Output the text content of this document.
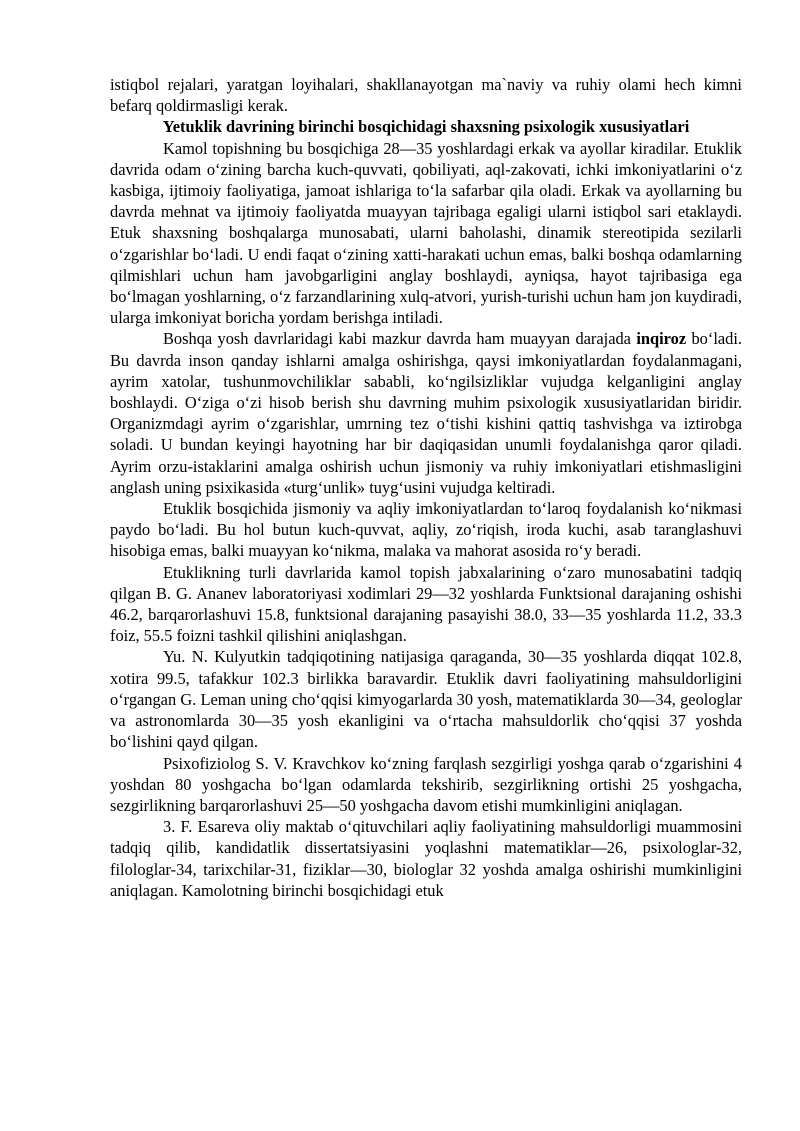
istiqbol rejalari, yaratgan loyihalari, shakllanayotgan ma`naviy va ruhiy olami hech kimni befarq qoldirmasligi kerak.

Yetuklik davrining birinchi bosqichidagi shaxsning psixologik xususiyatlari

Kamol topishning bu bosqichiga 28—35 yoshlardagi erkak va ayollar kiradilar. Etuklik davrida odam o‘zining barcha kuch-quvvati, qobiliyati, aql-zakovati, ichki imkoniyatlarini o‘z kasbiga, ijtimoiy faoliyatiga, jamoat ishlariga to‘la safarbar qila oladi. Erkak va ayollarning bu davrda mehnat va ijtimoiy faoliyatda muayyan tajribaga egaligi ularni istiqbol sari etaklaydi. Etuk shaxsning boshqalarga munosabati, ularni baholashi, dinamik stereotipida sezilarli o‘zgarishlar bo‘ladi. U endi faqat o‘zining xatti-harakati uchun emas, balki boshqa odamlarning qilmishlari uchun ham javobgarligini anglay boshlaydi, ayniqsa, hayot tajribasiga ega bo‘lmagan yoshlarning, o‘z farzandlarining xulq-atvori, yurish-turishi uchun ham jon kuydiradi, ularga imkoniyat boricha yordam berishga intiladi.

Boshqa yosh davrlaridagi kabi mazkur davrda ham muayyan darajada inqiroz bo‘ladi. Bu davrda inson qanday ishlarni amalga oshirishga, qaysi imkoniyatlardan foydalanmagani, ayrim xatolar, tushunmovchiliklar sababli, ko‘ngilsizliklar vujudga kelganligini anglay boshlaydi. O‘ziga o‘zi hisob berish shu davrning muhim psixologik xususiyatlaridan biridir. Organizmdagi ayrim o‘zgarishlar, umrning tez o‘tishi kishini qattiq tashvishga va iztirobga soladi. U bundan keyingi hayotning har bir daqiqasidan unumli foydalanishga qaror qiladi. Ayrim orzu-istaklarini amalga oshirish uchun jismoniy va ruhiy imkoniyatlari etishmasligini anglash uning psixikasida «turg‘unlik» tuyg‘usini vujudga keltiradi.

Etuklik bosqichida jismoniy va aqliy imkoniyatlardan to‘laroq foydalanish ko‘nikmasi paydo bo‘ladi. Bu hol butun kuch-quvvat, aqliy, zo‘riqish, iroda kuchi, asab taranglashuvi hisobiga emas, balki muayyan ko‘nikma, malaka va mahorat asosida ro‘y beradi.

Etuklikning turli davrlarida kamol topish jabxalarining o‘zaro munosabatini tadqiq qilgan B. G. Ananev laboratoriyasi xodimlari 29—32 yoshlarda Funktsional darajaning oshishi 46.2, barqarorlashuvi 15.8, funktsional darajaning pasayishi 38.0, 33—35 yoshlarda 11.2, 33.3 foiz, 55.5 foizni tashkil qilishini aniqlashgan.

Yu. N. Kulyutkin tadqiqotining natijasiga qaraganda, 30—35 yoshlarda diqqat 102.8, xotira 99.5, tafakkur 102.3 birlikka baravardir. Etuklik davri faoliyatining mahsuldorligini o‘rgangan G. Leman uning cho‘qqisi kimyogarlarda 30 yosh, matematiklarda 30—34, geologlar va astronomlarda 30—35 yosh ekanligini va o‘rtacha mahsuldorlik cho‘qqisi 37 yoshda bo‘lishini qayd qilgan.

Psixofiziolog S. V. Kravchkov ko‘zning farqlash sezgirligi yoshga qarab o‘zgarishini 4 yoshdan 80 yoshgacha bo‘lgan odamlarda tekshirib, sezgirlikning ortishi 25 yoshgacha, sezgirlikning barqarorlashuvi 25—50 yoshgacha davom etishi mumkinligini aniqlagan.

3. F. Esareva oliy maktab o‘qituvchilari aqliy faoliyatining mahsuldorligi muammosini tadqiq qilib, kandidatlik dissertatsiyasini yoqlashni matematiklar—26, psixologlar-32, filologlar-34, tarixchilar-31, fiziklar—30, biologlar 32 yoshda amalga oshirishi mumkinligini aniqlagan. Kamolotning birinchi bosqichidagi etuk
